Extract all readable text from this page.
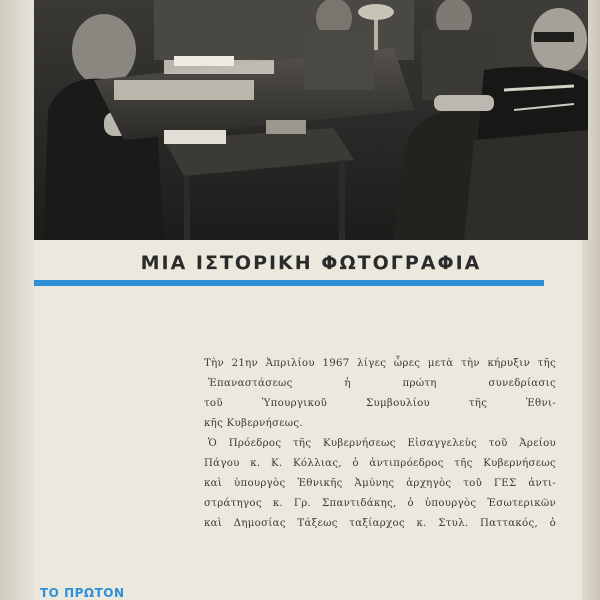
ΜΙΑ ΙΣΤΟΡΙΚΗ ΦΩΤΟΓΡΑΦΙΑ
Τὴν 21ην Ἀπριλίου 1967 λίγες ὧρες μετὰ τὴν κήρυξιν τῆς
Ἐπαναστάσεως ἡ πρώτη συνεδρίασις
τοῦ Ὑπουργικοῦ Συμβουλίου τῆς Ἐθνι-
κῆς Κυβερνήσεως.
Ὁ Πρόεδρος τῆς Κυβερνήσεως Εἰσαγγελεὺς τοῦ Ἀρείου
Πάγου κ. Κ. Κόλλιας, ὁ ἀντιπρόεδρος τῆς Κυβερνήσεως
καὶ ὑπουργὸς Ἐθνικῆς Ἀμύνης ἀρχηγὸς τοῦ ΓΕΣ ἀντι-
στράτηγος κ. Γρ. Σπαντιδάκης, ὁ ὑπουργὸς Ἐσωτερικῶν
καὶ Δημοσίας Τάξεως ταξίαρχος κ. Στυλ. Παττακός, ὁ
ΤΟ ΠΡΩΤΟΝ
